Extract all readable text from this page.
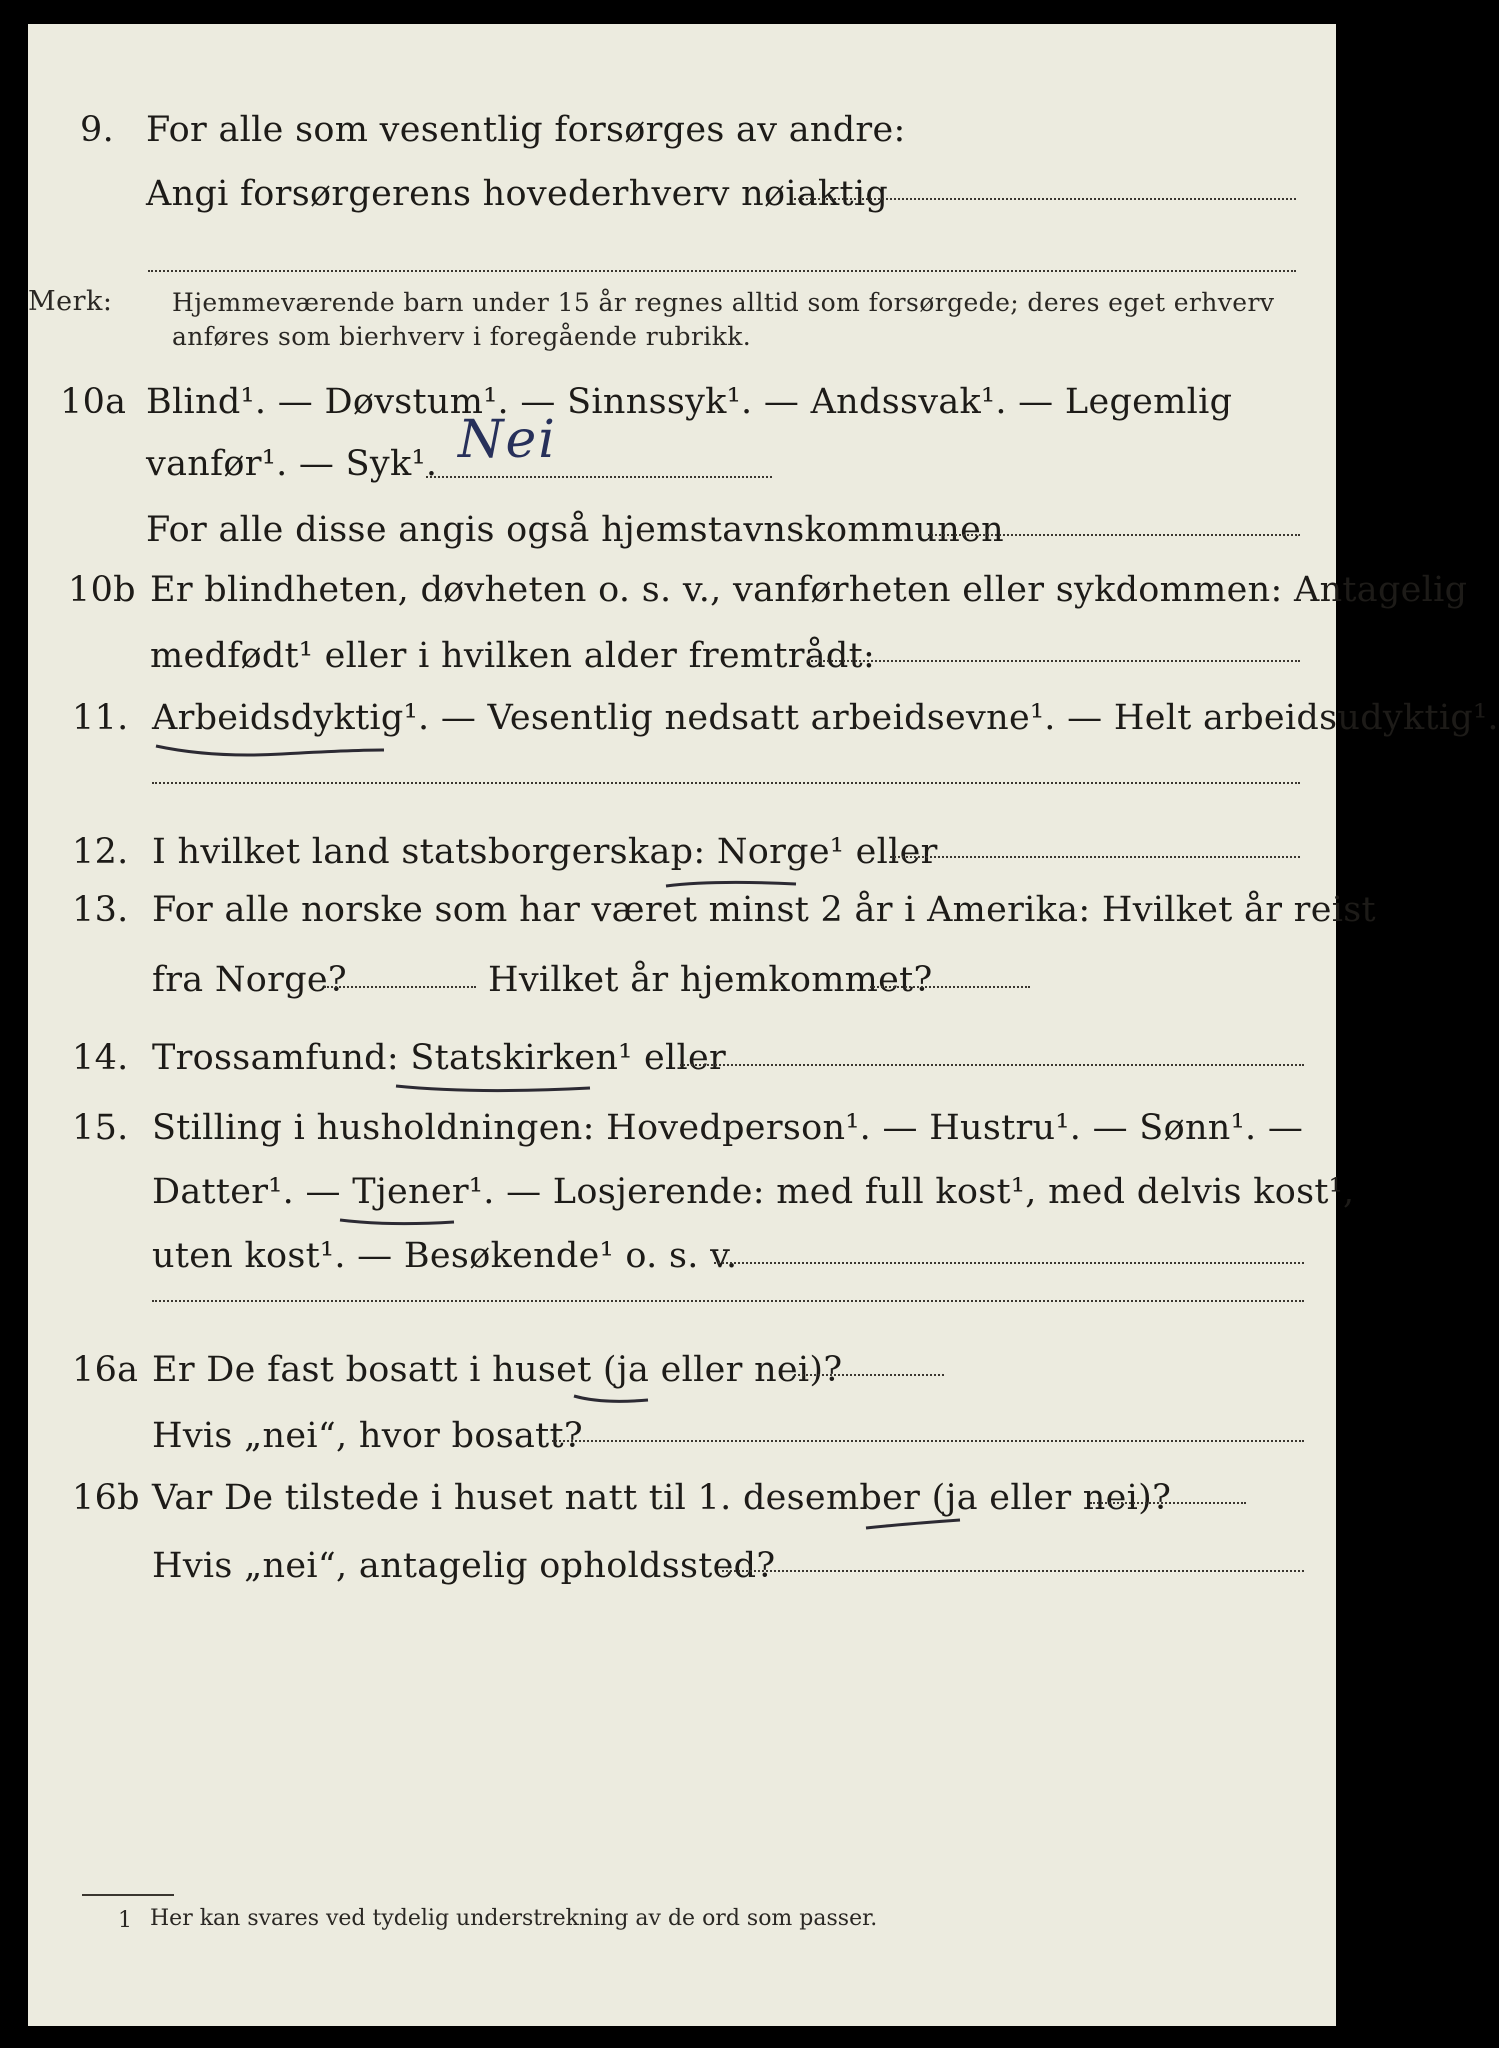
9. For alle som vesentlig forsørges av andre:
Angi forsørgerens hovederhverv nøiaktig
Merk: Hjemmeværende barn under 15 år regnes alltid som forsørgede; deres eget erhverv
anføres som bierhverv i foregående rubrikk.
10a Blind¹. — Døvstum¹. — Sinnssyk¹. — Andssvak¹. — Legemlig
vanfør¹. — Syk¹. Nei
For alle disse angis også hjemstavnskommunen
10b Er blindheten, døvheten o. s. v., vanførheten eller sykdommen: Antagelig
medfødt¹ eller i hvilken alder fremtrådt:
11. Arbeidsdyktig¹. — Vesentlig nedsatt arbeidsevne¹. — Helt arbeidsudyktig¹.
12. I hvilket land statsborgerskap: Norge¹ eller
13. For alle norske som har været minst 2 år i Amerika: Hvilket år reist
fra Norge?	Hvilket år hjemkommet?
14. Trossamfund: Statskirken¹ eller
15. Stilling i husholdningen: Hovedperson¹. — Hustru¹. — Sønn¹. —
Datter¹. — Tjener¹. — Losjerende: med full kost¹, med delvis kost¹,
uten kost¹. — Besøkende¹ o. s. v.
16a Er De fast bosatt i huset (ja eller nei)?
Hvis „nei“, hvor bosatt?
16b Var De tilstede i huset natt til 1. desember (ja eller nei)?
Hvis „nei“, antagelig opholdssted?
1 Her kan svares ved tydelig understrekning av de ord som passer.
